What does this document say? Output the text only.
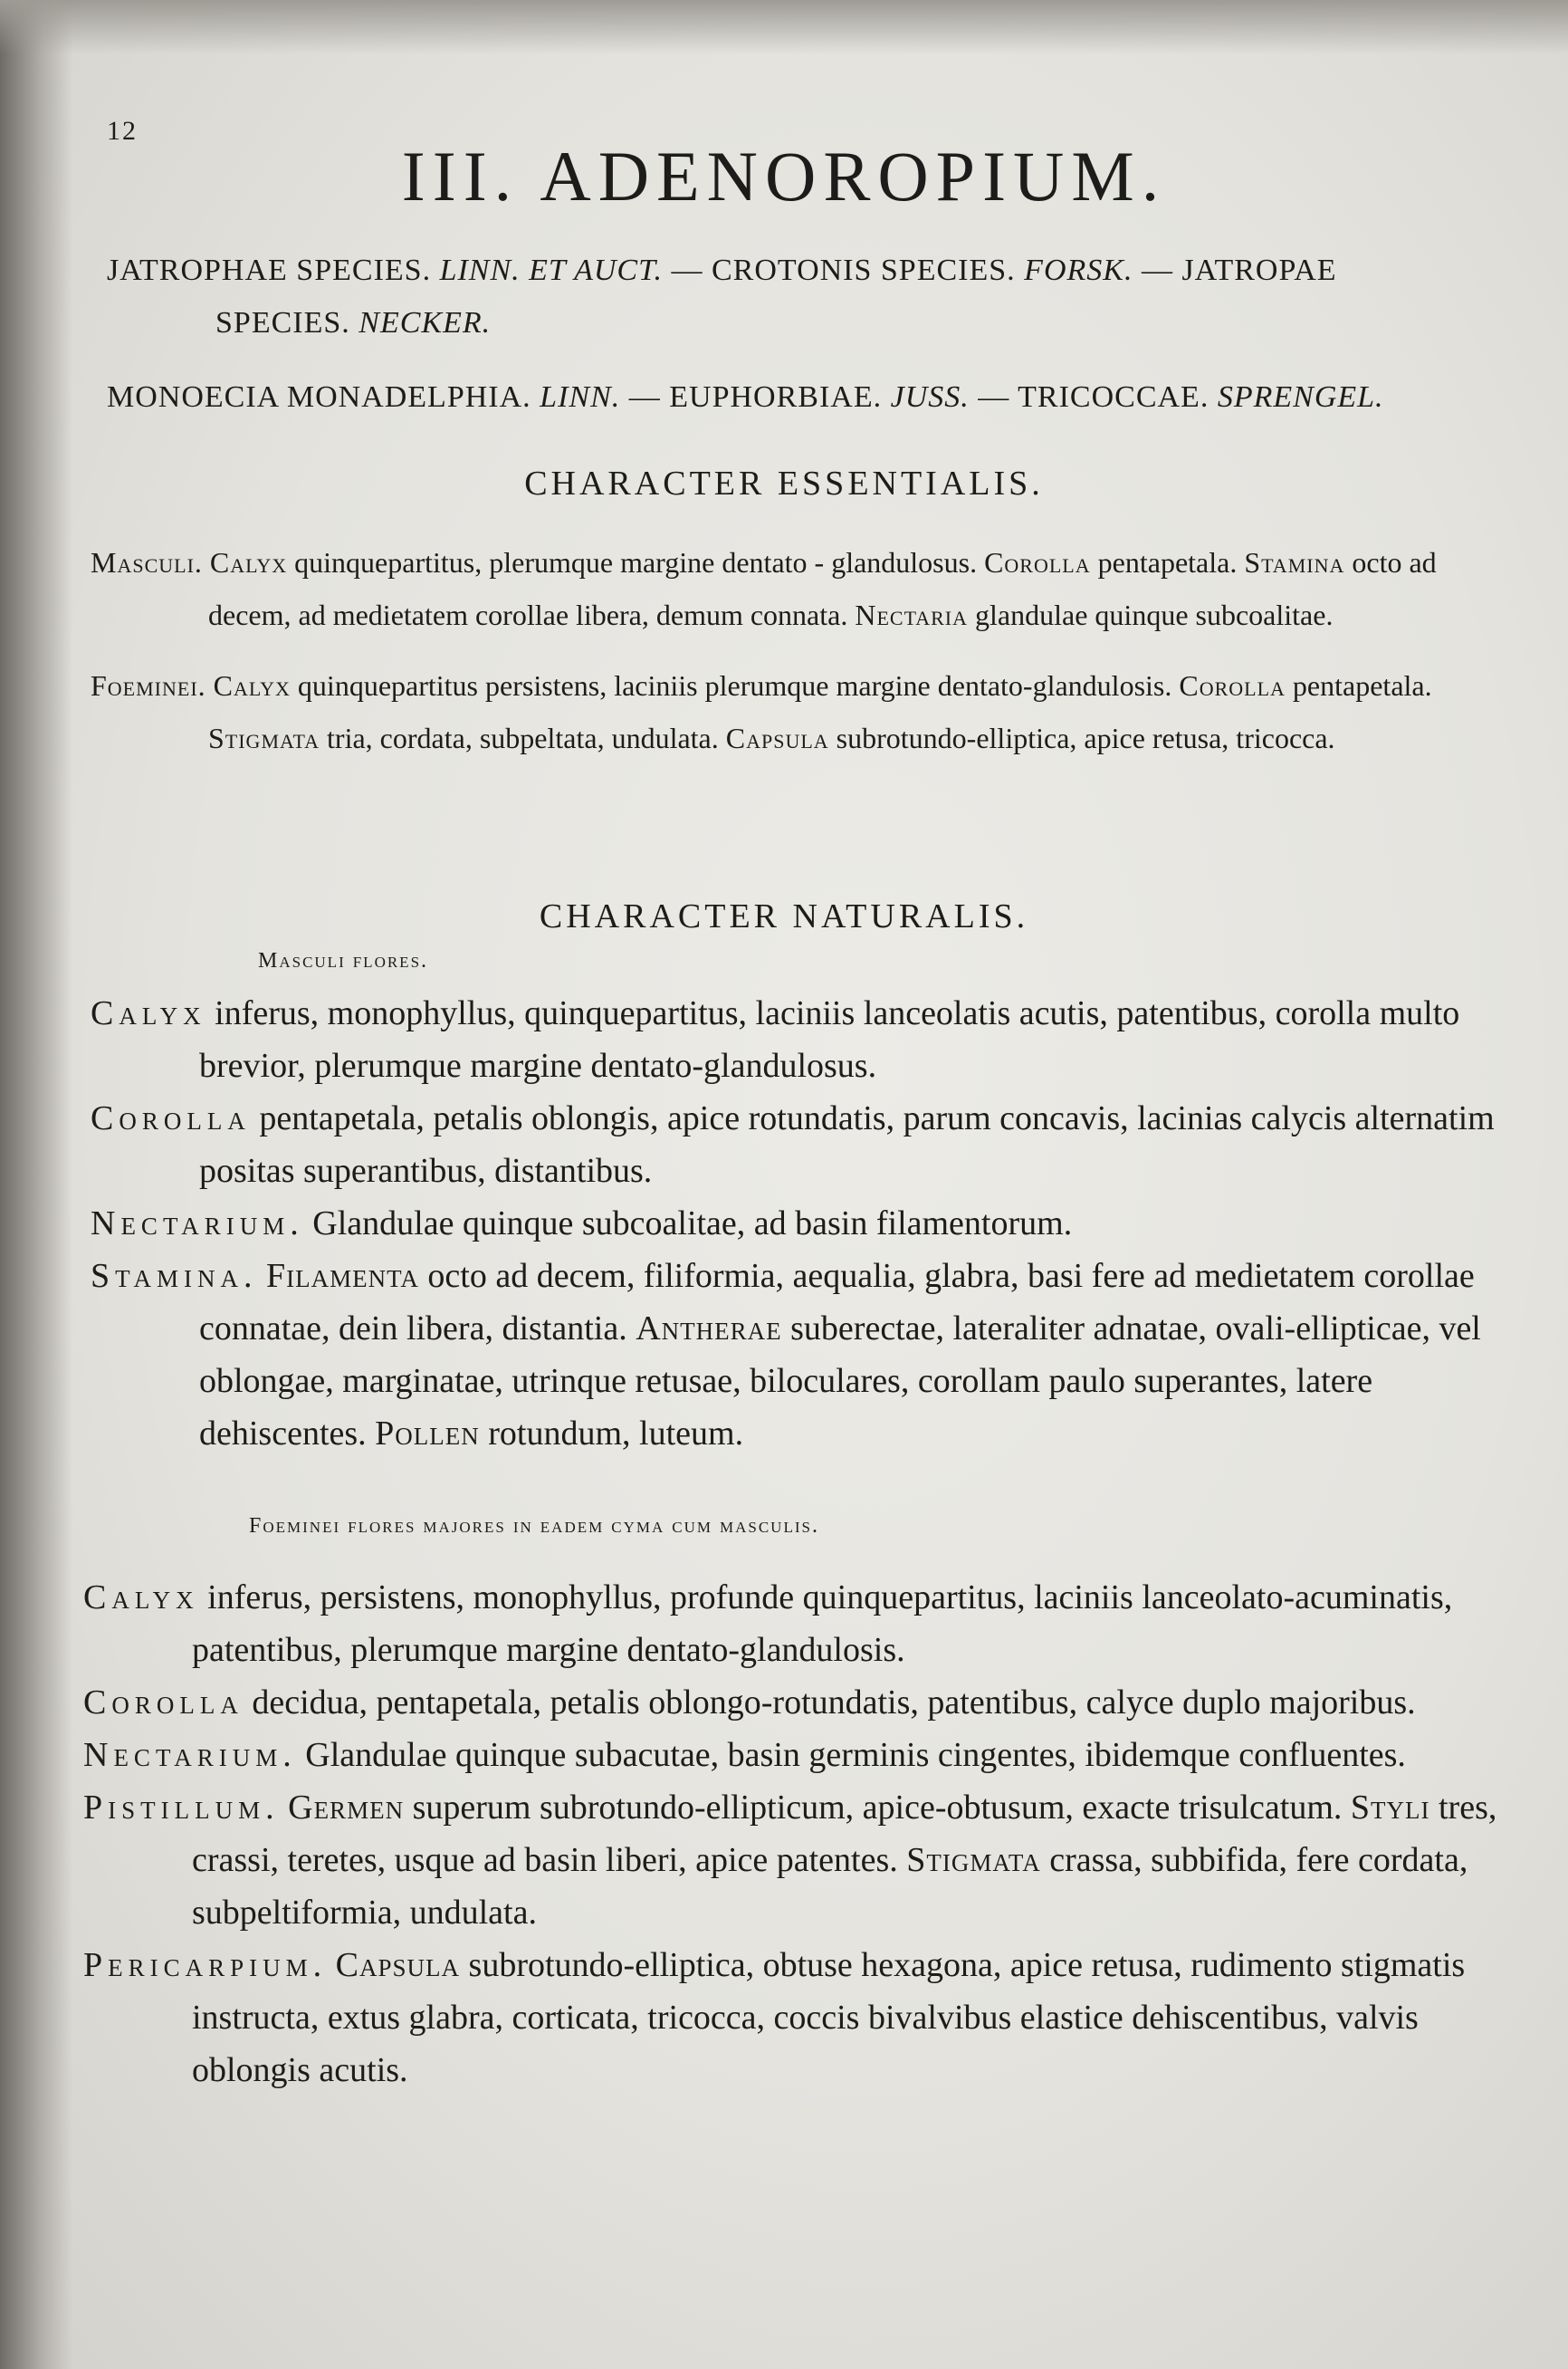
12
III. ADENOROPIUM.
JATROPHAE SPECIES. LINN. ET AUCT. — CROTONIS SPECIES. FORSK. — JATROPAE
SPECIES. NECKER.
MONOECIA MONADELPHIA. LINN. — EUPHORBIAE. JUSS. — TRICOCCAE. SPRENGEL.
CHARACTER ESSENTIALIS.

Masculi. Calyx quinquepartitus, plerumque margine dentato - glandulosus. Corolla pentapetala. Stamina octo ad decem, ad medietatem corollae libera, demum connata. Nectaria glandulae quinque subcoalitae.

Foeminei. Calyx quinquepartitus persistens, laciniis plerumque margine dentato-glandulosis. Corolla pentapetala. Stigmata tria, cordata, subpeltata, undulata. Capsula subrotundo-elliptica, apice retusa, tricocca.

CHARACTER NATURALIS.
Masculi flores.

Calyx inferus, monophyllus, quinquepartitus, laciniis lanceolatis acutis, patentibus, corolla multo brevior, plerumque margine dentato-glandulosus.

Corolla pentapetala, petalis oblongis, apice rotundatis, parum concavis, lacinias calycis alternatim positas superantibus, distantibus.

Nectarium. Glandulae quinque subcoalitae, ad basin filamentorum.

Stamina. Filamenta octo ad decem, filiformia, aequalia, glabra, basi fere ad medietatem corollae connatae, dein libera, distantia. Antherae suberectae, lateraliter adnatae, ovali-ellipticae, vel oblongae, marginatae, utrinque retusae, biloculares, corollam paulo superantes, latere dehiscentes. Pollen rotundum, luteum.

Foeminei flores majores in eadem cyma cum masculis.

Calyx inferus, persistens, monophyllus, profunde quinquepartitus, laciniis lanceolato-acuminatis, patentibus, plerumque margine dentato-glandulosis.

Corolla decidua, pentapetala, petalis oblongo-rotundatis, patentibus, calyce duplo majoribus.

Nectarium. Glandulae quinque subacutae, basin germinis cingentes, ibidemque confluentes.

Pistillum. Germen superum subrotundo-ellipticum, apice-obtusum, exacte trisulcatum. Styli tres, crassi, teretes, usque ad basin liberi, apice patentes. Stigmata crassa, subbifida, fere cordata, subpeltiformia, undulata.

Pericarpium. Capsula subrotundo-elliptica, obtuse hexagona, apice retusa, rudimento stigmatis instructa, extus glabra, corticata, tricocca, coccis bivalvibus elastice dehiscentibus, valvis oblongis acutis.
